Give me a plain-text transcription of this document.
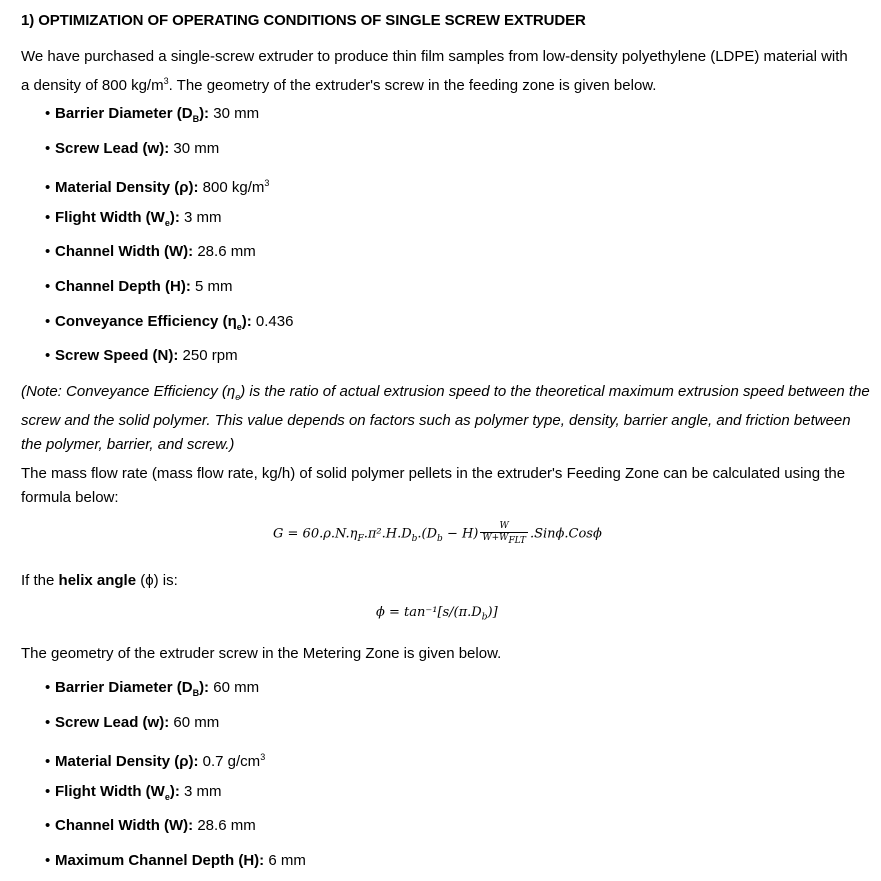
1) OPTIMIZATION OF OPERATING CONDITIONS OF SINGLE SCREW EXTRUDER
We have purchased a single-screw extruder to produce thin film samples from low-density polyethylene (LDPE) material with
a density of 800 $kg/m^3$. The geometry of the extruder's screw in the feeding zone is given below.
• Barrier Diameter $(D_B)$: 30 mm
• Screw Lead (w): 30 mm
• Material Density (ρ): 800 $kg/m^3$
• Flight Width $(W_e)$: 3 mm
• Channel Width (W): 28.6 mm
• Channel Depth (H): 5 mm
• Conveyance Efficiency $(\eta_e)$: 0.436
• Screw Speed (N): 250 rpm
(Note: Conveyance Efficiency $(\eta_e)$ is the ratio of actual extrusion speed to the theoretical maximum extrusion speed between the
screw and the solid polymer. This value depends on factors such as polymer type, density, barrier angle, and friction between
the polymer, barrier, and screw.)
The mass flow rate (mass flow rate, kg/h) of solid polymer pellets in the extruder's Feeding Zone can be calculated using the
formula below:
$G = 60.\rho.N.\eta_F.\pi^2.H.D_b.(D_b - H) \frac{W}{W+W_{FLT}} .Sin\phi.Cos\phi$
If the helix angle (ϕ) is:
$\phi = \tan^{-1}[s/(\pi.D_b)]$
The geometry of the extruder screw in the Metering Zone is given below.
• Barrier Diameter $(D_B)$: 60 mm
• Screw Lead (w): 60 mm
• Material Density (ρ): 0.7 $g/cm^3$
• Flight Width $(W_e)$: 3 mm
• Channel Width (W): 28.6 mm
• Maximum Channel Depth (H): 6 mm
